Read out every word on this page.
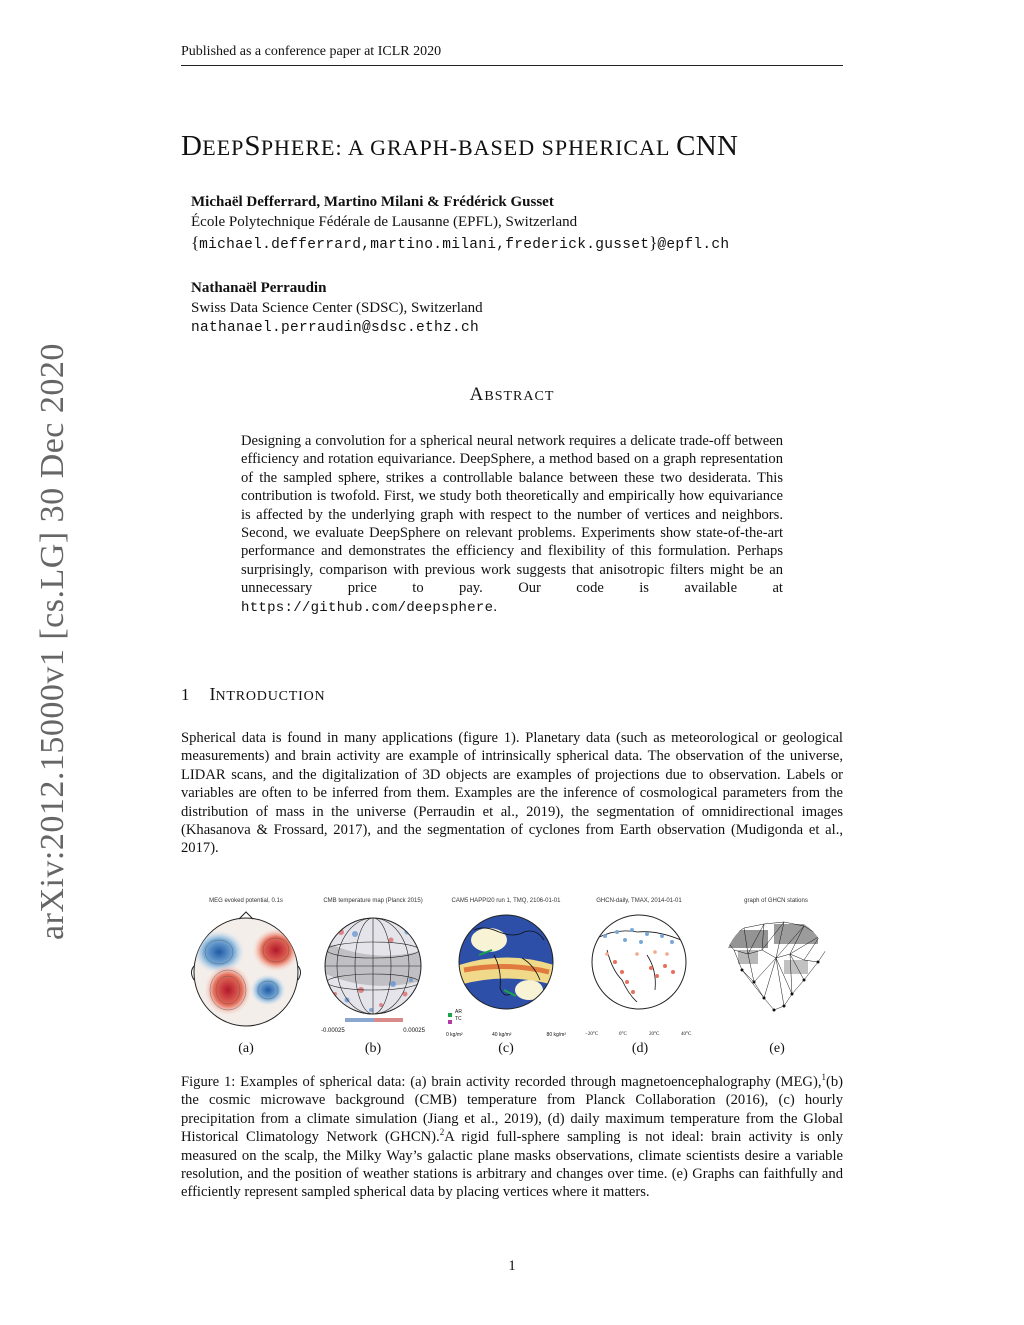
Published as a conference paper at ICLR 2020
arXiv:2012.15000v1 [cs.LG] 30 Dec 2020
DEEPSPHERE: A GRAPH-BASED SPHERICAL CNN
Michaël Defferrard, Martino Milani & Frédérick Gusset
École Polytechnique Fédérale de Lausanne (EPFL), Switzerland
{michael.defferrard,martino.milani,frederick.gusset}@epfl.ch
Nathanaël Perraudin
Swiss Data Science Center (SDSC), Switzerland
nathanael.perraudin@sdsc.ethz.ch
ABSTRACT
Designing a convolution for a spherical neural network requires a delicate trade-off between efficiency and rotation equivariance. DeepSphere, a method based on a graph representation of the sampled sphere, strikes a controllable balance between these two desiderata. This contribution is twofold. First, we study both theoretically and empirically how equivariance is affected by the underlying graph with respect to the number of vertices and neighbors. Second, we evaluate DeepSphere on relevant problems. Experiments show state-of-the-art performance and demonstrates the efficiency and flexibility of this formulation. Perhaps surprisingly, comparison with previous work suggests that anisotropic filters might be an unnecessary price to pay. Our code is available at https://github.com/deepsphere.
1 INTRODUCTION
Spherical data is found in many applications (figure 1). Planetary data (such as meteorological or geological measurements) and brain activity are example of intrinsically spherical data. The observation of the universe, LIDAR scans, and the digitalization of 3D objects are examples of projections due to observation. Labels or variables are often to be inferred from them. Examples are the inference of cosmological parameters from the distribution of mass in the universe (Perraudin et al., 2019), the segmentation of omnidirectional images (Khasanova & Frossard, 2017), and the segmentation of cyclones from Earth observation (Mudigonda et al., 2017).
MEG evoked potential, 0.1s	CMB temperature map (Planck 2015)
-0.00025	0.00025
CAM5 HAPPI20 run 1, TMQ, 2106-01-01
AR
TC
0 kg/m²	40 kg/m²	80 kg/m²
GHCN-daily, TMAX, 2014-01-01
−20°C	0°C	20°C	40°C
graph of GHCN stations
(a)	(b)	(c)	(d)	(e)
Figure 1: Examples of spherical data: (a) brain activity recorded through magnetoencephalography (MEG),$^1$(b) the cosmic microwave background (CMB) temperature from Planck Collaboration (2016), (c) hourly precipitation from a climate simulation (Jiang et al., 2019), (d) daily maximum temperature from the Global Historical Climatology Network (GHCN).$^2$A rigid full-sphere sampling is not ideal: brain activity is only measured on the scalp, the Milky Way’s galactic plane masks observations, climate scientists desire a variable resolution, and the position of weather stations is arbitrary and changes over time. (e) Graphs can faithfully and efficiently represent sampled spherical data by placing vertices where it matters.
1
